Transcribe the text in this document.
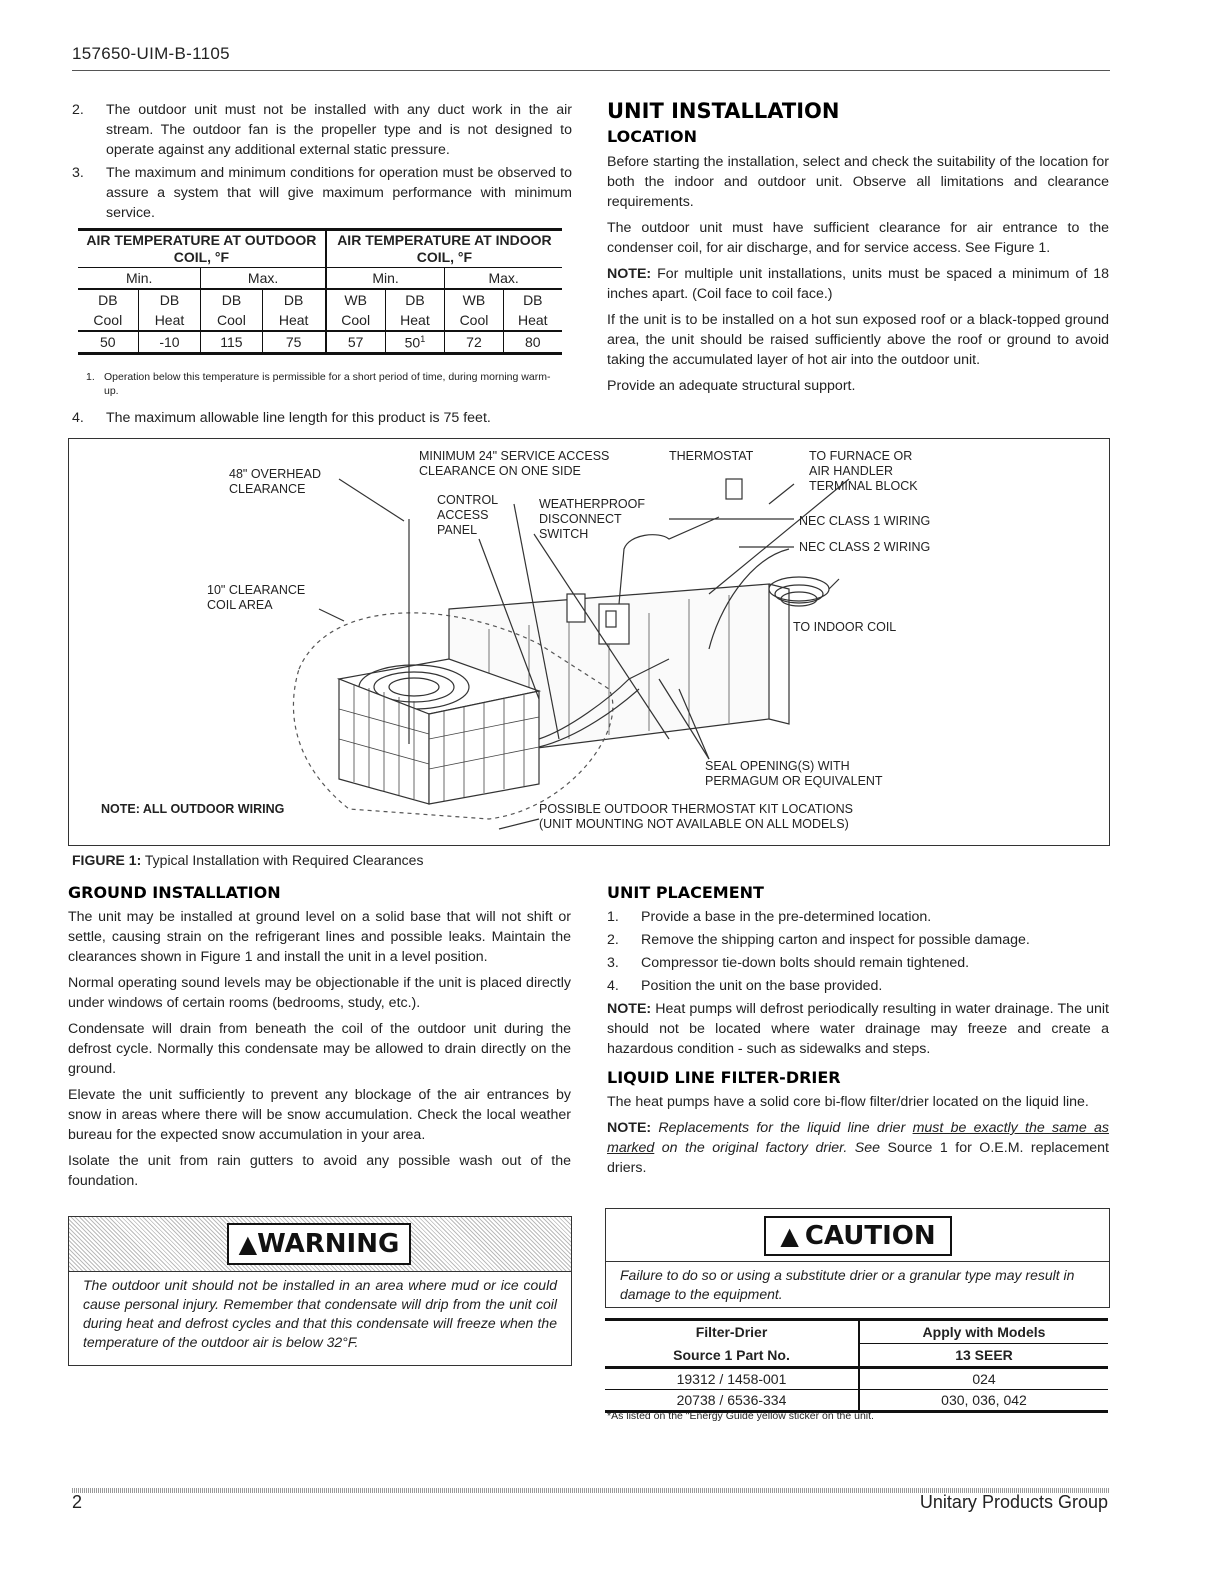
157650-UIM-B-1105
2.	The outdoor unit must not be installed with any duct work in the air stream. The outdoor fan is the propeller type and is not designed to operate against any additional external static pressure.
3.	The maximum and minimum conditions for operation must be observed to assure a system that will give maximum performance with minimum service.
AIR TEMPERATURE AT OUTDOOR COIL, °F				AIR TEMPERATURE AT INDOOR COIL, °F			
Min.		Max.		Min.		Max.	
DB	DB	DB	DB	WB	DB	WB	DB
Cool	Heat	Cool	Heat	Cool	Heat	Cool	Heat
50	-10	115	75	57	$50^1$	72	80
1. Operation below this temperature is permissible for a short period of time, during morning warm-up.
4.	The maximum allowable line length for this product is 75 feet.
UNIT INSTALLATION
LOCATION

Before starting the installation, select and check the suitability of the location for both the indoor and outdoor unit. Observe all limitations and clearance requirements.

The outdoor unit must have sufficient clearance for air entrance to the condenser coil, for air discharge, and for service access. See Figure 1.

NOTE: For multiple unit installations, units must be spaced a minimum of 18 inches apart. (Coil face to coil face.)

If the unit is to be installed on a hot sun exposed roof or a black-topped ground area, the unit should be raised sufficiently above the roof or ground to avoid taking the accumulated layer of hot air into the outdoor unit.

Provide an adequate structural support.

48" OVERHEAD
CLEARANCE
MINIMUM 24" SERVICE ACCESS
CLEARANCE ON ONE SIDE
THERMOSTAT	TO FURNACE OR
AIR HANDLER
TERMINAL BLOCK
CONTROL
ACCESS
PANEL
WEATHERPROOF
DISCONNECT
SWITCH
NEC CLASS 1 WIRING
NEC CLASS 2 WIRING
10" CLEARANCE
COIL AREA
TO INDOOR COIL
SEAL OPENING(S) WITH
PERMAGUM OR EQUIVALENT
POSSIBLE OUTDOOR THERMOSTAT KIT LOCATIONS
(UNIT MOUNTING NOT AVAILABLE ON ALL MODELS)
NOTE: ALL OUTDOOR WIRING
FIGURE 1: Typical Installation with Required Clearances
GROUND INSTALLATION

The unit may be installed at ground level on a solid base that will not shift or settle, causing strain on the refrigerant lines and possible leaks. Maintain the clearances shown in Figure 1 and install the unit in a level position.

Normal operating sound levels may be objectionable if the unit is placed directly under windows of certain rooms (bedrooms, study, etc.).

Condensate will drain from beneath the coil of the outdoor unit during the defrost cycle. Normally this condensate may be allowed to drain directly on the ground.

Elevate the unit sufficiently to prevent any blockage of the air entrances by snow in areas where there will be snow accumulation. Check the local weather bureau for the expected snow accumulation in your area.

Isolate the unit from rain gutters to avoid any possible wash out of the foundation.

▲ WARNING
The outdoor unit should not be installed in an area where mud or ice could cause personal injury. Remember that condensate will drip from the unit coil during heat and defrost cycles and that this condensate will freeze when the temperature of the outdoor air is below 32°F.
UNIT PLACEMENT
1.	Provide a base in the pre-determined location.
2.	Remove the shipping carton and inspect for possible damage.
3.	Compressor tie-down bolts should remain tightened.
4.	Position the unit on the base provided.

NOTE: Heat pumps will defrost periodically resulting in water drainage. The unit should not be located where water drainage may freeze and create a hazardous condition - such as sidewalks and steps.

LIQUID LINE FILTER-DRIER

The heat pumps have a solid core bi-flow filter/drier located on the liquid line.

NOTE: Replacements for the liquid line drier must be exactly the same as marked on the original factory drier. See Source 1 for O.E.M. replacement driers.

▲ CAUTION
Failure to do so or using a substitute drier or a granular type may result in damage to the equipment.
Filter-Drier	Apply with Models
Source 1 Part No.	13 SEER
19312 / 1458-001	024
20738 / 6536-334	030, 036, 042
*As listed on the "Energy Guide yellow sticker on the unit.
2	Unitary Products Group
